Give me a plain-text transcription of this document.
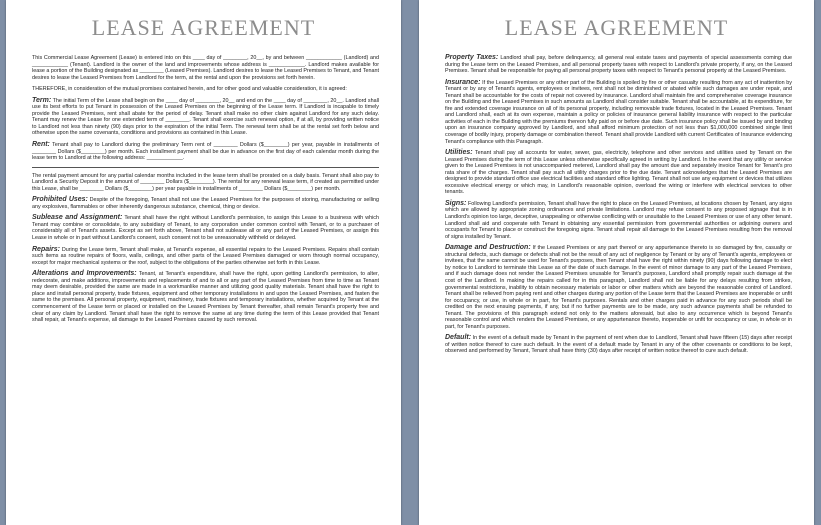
LEASE AGREEMENT

This Commercial Lease Agreement (Lease) is entered into on this ____ day of ________, 20__, by and between ____________ (Landlord) and ____________ (Tenant). Landlord is the owner of the land and improvements whose address is ____________. Landlord makes available for lease a portion of the Building designated as ________ (Leased Premises). Landlord desires to lease the Leased Premises to Tenant, and Tenant desires to lease the Leased Premises from Landlord for the term, at the rental and upon the provisions set forth herein.

THEREFORE, in consideration of the mutual promises contained herein, and for other good and valuable consideration, it is agreed:

Term: The initial Term of the Lease shall begin on the ____ day of ________, 20__ and end on the ____ day of ________, 20__. Landlord shall use its best efforts to put Tenant in possession of the Leased Premises on the beginning of the Lease term. If Landlord is incapable to timely provide the Leased Premises, rent shall abate for the period of delay. Tenant shall make no other claim against Landlord for any such delay. Tenant may renew the Lease for one extended term of ________. Tenant shall exercise such renewal option, if at all, by providing written notice to Landlord not less than ninety (90) days prior to the expiration of the initial Term. The renewal term shall be at the rental set forth below and otherwise upon the same covenants, conditions and provisions as contained in this Lease.

Rent: Tenant shall pay to Landlord during the preliminary Term rent of ________ Dollars ($________) per year, payable in installments of ________ Dollars ($________) per month. Each installment payment shall be due in advance on the first day of each calendar month during the lease term to Landlord at the following address: ____________.

The rental payment amount for any partial calendar months included in the lease term shall be prorated on a daily basis. Tenant shall also pay to Landlord a Security Deposit in the amount of ________ Dollars ($________). The rental for any renewal lease term, if created as permitted under this Lease, shall be ________ Dollars ($________) per year payable in installments of ________ Dollars ($________) per month.

Prohibited Uses: Despite of the foregoing, Tenant shall not use the Leased Premises for the purposes of storing, manufacturing or selling any explosives, flammables or other inherently dangerous substance, chemical, thing or device.

Sublease and Assignment: Tenant shall have the right without Landlord's permission, to assign this Lease to a business with which Tenant may combine or consolidate, to any subsidiary of Tenant, to any corporation under common control with Tenant, or to a purchaser of considerably all of Tenant's assets. Except as set forth above, Tenant shall not sublease all or any part of the Leased Premises, or assign this Lease in whole or in part without Landlord's consent, such consent not to be unreasonably withheld or delayed.

Repairs: During the Lease term, Tenant shall make, at Tenant's expense, all essential repairs to the Leased Premises. Repairs shall contain such items as routine repairs of floors, walls, ceilings, and other parts of the Leased Premises damaged or worn through normal occupancy, except for major mechanical systems or the roof, subject to the obligations of the parties otherwise set forth in this Lease.

Alterations and Improvements: Tenant, at Tenant's expenditure, shall have the right, upon getting Landlord's permission, to alter, redecorate, and make additions, improvements and replacements of and to all or any part of the Leased Premises from time to time as Tenant may deem desirable, provided the same are made in a workmanlike manner and utilizing good quality materials. Tenant shall have the right to place and install personal property, trade fixtures, equipment and other temporary installations in and upon the Leased Premises, and fasten the same to the premises. All personal property, equipment, machinery, trade fixtures and temporary installations, whether acquired by Tenant at the commencement of the Lease term or placed or installed on the Leased Premises by Tenant thereafter, shall remain Tenant's property free and clear of any claim by Landlord. Tenant shall have the right to remove the same at any time during the term of this Lease provided that Tenant shall repair, at Tenant's expense, all damage to the Leased Premises caused by such removal.

LEASE AGREEMENT

Property Taxes: Landlord shall pay, before delinquency, all general real estate taxes and payments of special assessments coming due during the Lease term on the Leased Premises, and all personal property taxes with respect to Landlord's private property, if any, on the Leased Premises. Tenant shall be responsible for paying all personal property taxes with respect to Tenant's personal property at the Leased Premises.

Insurance: If the Leased Premises or any other part of the Building is spoiled by fire or other casualty resulting from any act of inattention by Tenant or by any of Tenant's agents, employees or invitees, rent shall not be diminished or abated while such damages are under repair, and Tenant shall be accountable for the costs of repair not covered by insurance. Landlord shall maintain fire and comprehensive coverage insurance on the Building and the Leased Premises in such amounts as Landlord shall consider suitable. Tenant shall be accountable, at its expenditure, for fire and extended coverage insurance on all of its personal property, including removable trade fixtures, located in the Leased Premises. Tenant and Landlord shall, each at its own expense, maintain a policy or policies of insurance general liability insurance with respect to the particular activities of each in the Building with the premiums thereon fully paid on or before due date. Such insurance policy shall be issued by and binding upon an insurance company approved by Landlord, and shall afford minimum protection of not less than $1,000,000 combined single limit coverage of bodily injury, property damage or combination thereof. Tenant shall provide Landlord with current Certificates of Insurance evidencing Tenant's compliance with this Paragraph.

Utilities: Tenant shall pay all accounts for water, sewer, gas, electricity, telephone and other services and utilities used by Tenant on the Leased Premises during the term of this Lease unless otherwise specifically agreed in writing by Landlord. In the event that any utility or service given to the Leased Premises is not unaccompanied metered, Landlord shall pay the amount due and separately invoice Tenant for Tenant's pro rata share of the charges. Tenant shall pay such all utility charges prior to the due date. Tenant acknowledges that the Leased Premises are designed to provide standard office use electrical facilities and standard office lighting. Tenant shall not use any equipment or devices that utilizes excessive electrical energy or which may, in Landlord's reasonable opinion, overload the wiring or interfere with electrical services to other tenants.

Signs: Following Landlord's permission, Tenant shall have the right to place on the Leased Premises, at locations chosen by Tenant, any signs which are allowed by appropriate zoning ordinances and private limitations. Landlord may refuse consent to any proposed signage that is in Landlord's opinion too large, deceptive, unappealing or otherwise conflicting with or unsuitable to the Leased Premises or use of any other tenant. Landlord shall aid and cooperate with Tenant in obtaining any essential permission from governmental authorities or adjoining owners and occupants for Tenant to place or construct the foregoing signs. Tenant shall repair all damage to the Leased Premises resulting from the removal of signs installed by Tenant.

Damage and Destruction: If the Leased Premises or any part thereof or any appurtenance thereto is so damaged by fire, casualty or structural defects, such damage or defects shall not be the result of any act of negligence by Tenant or by any of Tenant's agents, employees or invitees, that the same cannot be used for Tenant's purposes, then Tenant shall have the right within ninety (90) days following damage to elect by notice to Landlord to terminate this Lease as of the date of such damage. In the event of minor damage to any part of the Leased Premises, and if such damage does not render the Leased Premises unusable for Tenant's purposes, Landlord shall promptly repair such damage at the cost of the Landlord. In making the repairs called for in this paragraph, Landlord shall not be liable for any delays resulting from strikes, governmental restrictions, inability to obtain necessary materials or labor or other matters which are beyond the reasonable control of Landlord. Tenant shall be relieved from paying rent and other charges during any portion of the Lease term that the Leased Premises are inoperable or unfit for occupancy, or use, in whole or in part, for Tenant's purposes. Rentals and other charges paid in advance for any such periods shall be credited on the next ensuing payments, if any, but if no further payments are to be made, any such advance payments shall be refunded to Tenant. The provisions of this paragraph extend not only to the matters aforesaid, but also to any occurrence which is beyond Tenant's reasonable control and which renders the Leased Premises, or any appurtenance thereto, inoperable or unfit for occupancy or use, in whole or in part, for Tenant's purposes.

Default: In the event of a default made by Tenant in the payment of rent when due to Landlord, Tenant shall have fifteen (15) days after receipt of written notice thereof to cure such default. In the event of a default made by Tenant in any of the other covenants or conditions to be kept, observed and performed by Tenant, Tenant shall have thirty (30) days after receipt of written notice thereof to cure such default.
